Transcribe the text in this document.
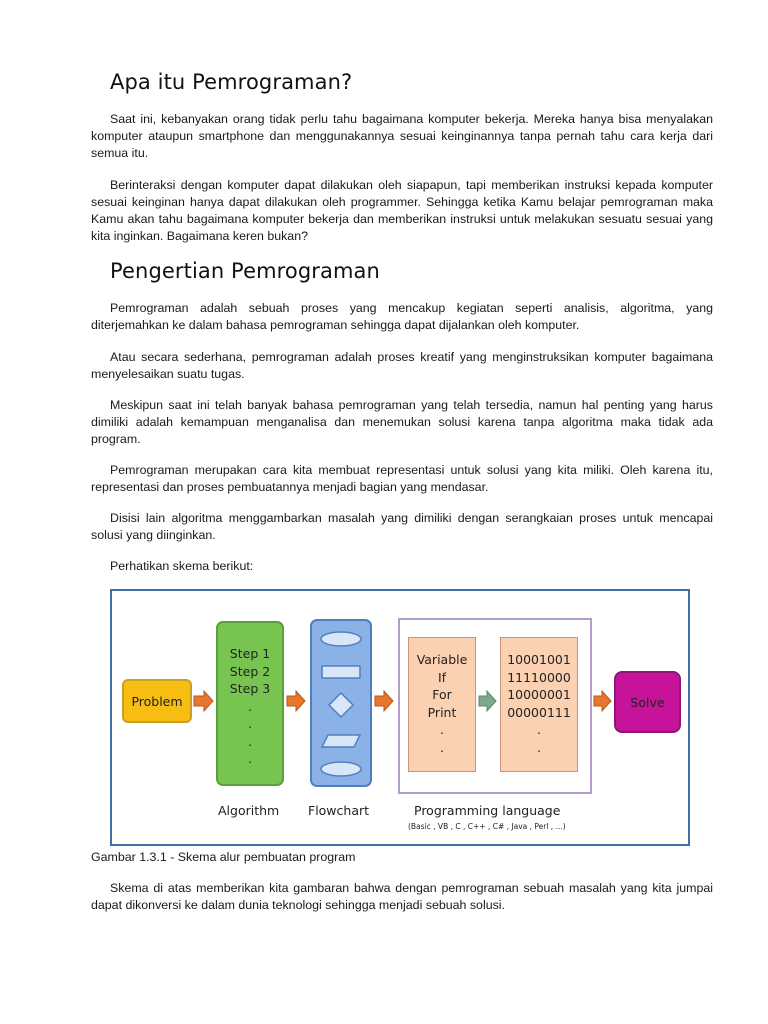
Apa itu Pemrograman?

Saat ini, kebanyakan orang tidak perlu tahu bagaimana komputer bekerja. Mereka hanya bisa menyalakan komputer ataupun smartphone dan menggunakannya sesuai keinginannya tanpa pernah tahu cara kerja dari semua itu.

Berinteraksi dengan komputer dapat dilakukan oleh siapapun, tapi memberikan instruksi kepada komputer sesuai keinginan hanya dapat dilakukan oleh programmer. Sehingga ketika Kamu belajar pemrograman maka Kamu akan tahu bagaimana komputer bekerja dan memberikan instruksi untuk melakukan sesuatu sesuai yang kita inginkan. Bagaimana keren bukan?

Pengertian Pemrograman

Pemrograman adalah sebuah proses yang mencakup kegiatan seperti analisis, algoritma, yang diterjemahkan ke dalam bahasa pemrograman sehingga dapat dijalankan oleh komputer.

Atau secara sederhana, pemrograman adalah proses kreatif yang menginstruksikan komputer bagaimana menyelesaikan suatu tugas.

Meskipun saat ini telah banyak bahasa pemrograman yang telah tersedia, namun hal penting yang harus dimiliki adalah kemampuan menganalisa dan menemukan solusi karena tanpa algoritma maka tidak ada program.

Pemrograman merupakan cara kita membuat representasi untuk solusi yang kita miliki. Oleh karena itu, representasi dan proses pembuatannya menjadi bagian yang mendasar.

Disisi lain algoritma menggambarkan masalah yang dimiliki dengan serangkaian proses untuk mencapai solusi yang diinginkan.

Perhatikan skema berikut:

Problem
Step 1
Step 2
Step 3
.
.
.
.
Variable
If
For
Print
.
.
10001001
11110000
10000001
00000111
.
.
Solve
Algorithm Flowchart	Programming language
(Basic , VB , C , C++ , C# , Java , Perl , ...)

Gambar 1.3.1 - Skema alur pembuatan program

Skema di atas memberikan kita gambaran bahwa dengan pemrograman sebuah masalah yang kita jumpai dapat dikonversi ke dalam dunia teknologi sehingga menjadi sebuah solusi.
